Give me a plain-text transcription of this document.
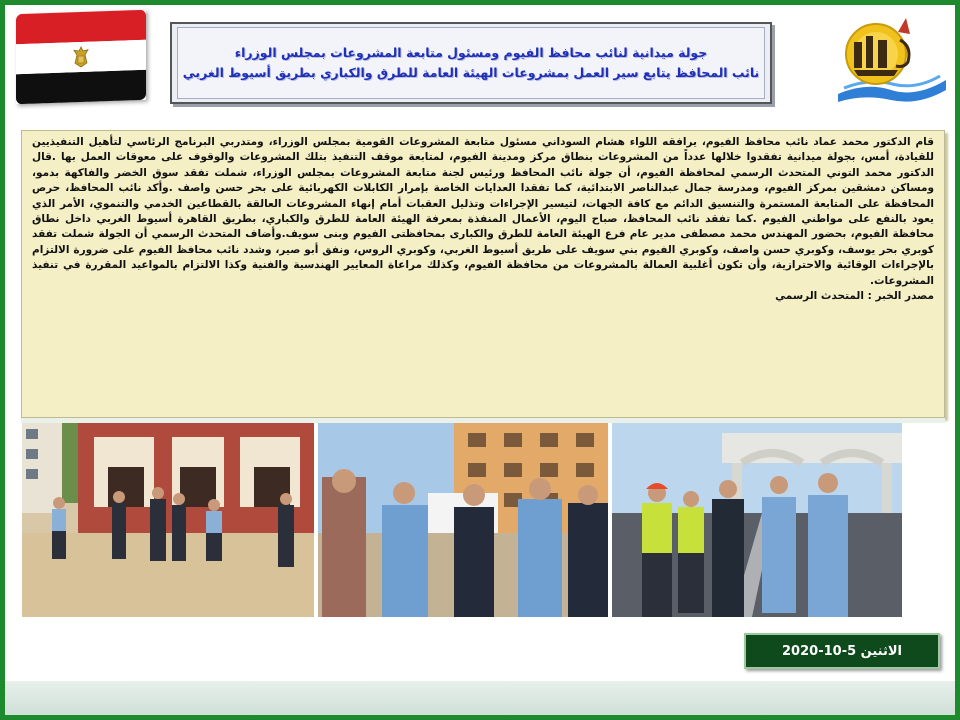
جولة ميدانية لنائب محافظ الفيوم ومسئول متابعة المشروعات بمجلس الوزراء
نائب المحافظ يتابع سير العمل بمشروعات الهيئة العامة للطرق والكباري بطريق أسيوط الغربي

قام الدكتور محمد عماد نائب محافظ الفيوم، يرافقه اللواء هشام السوداني مسئول متابعة المشروعات القومية بمجلس الوزراء، ومتدربي البرنامج الرئاسي لتأهيل التنفيذيين للقيادة، أمس، بجولة ميدانية تفقدوا خلالها عدداً من المشروعات بنطاق مركز ومدينة الفيوم، لمتابعة موقف التنفيذ بتلك المشروعات والوقوف على معوقات العمل بها .قال الدكتور محمد التوني المتحدث الرسمي لمحافظة الفيوم، أن جولة نائب المحافظ ورئيس لجنة متابعة المشروعات بمجلس الوزراء، شملت تفقد سوق الخضر والفاكهة بدمو، ومساكن دمشقين بمركز الفيوم، ومدرسة جمال عبدالناصر الابتدائية، كما تفقدا العدايات الخاصة بإمرار الكابلات الكهربائية على بحر حسن واصف .وأكد نائب المحافظ، حرص المحافظة على المتابعة المستمرة والتنسيق الدائم مع كافة الجهات، لتيسير الإجراءات وتذليل العقبات أمام إنهاء المشروعات العالقة بالقطاعين الخدمي والتنموي، الأمر الذي يعود بالنفع على مواطني الفيوم .كما تفقد نائب المحافظ، صباح اليوم، الأعمال المنفذة بمعرفة الهيئة العامة للطرق والكباري، بطريق القاهرة أسيوط الغربي داخل نطاق محافظة الفيوم، بحضور المهندس محمد مصطفى مدير عام فرع الهيئة العامة للطرق والكبارى بمحافظتى الفيوم وبنى سويف.وأضاف المتحدث الرسمي أن الجولة شملت تفقد كوبري بحر يوسف، وكوبري حسن واصف، وكوبري الفيوم بني سويف على طريق أسيوط الغربي، وكوبري الروس، ونفق أبو صير، وشدد نائب محافظ الفيوم على ضرورة الالتزام بالإجراءات الوقائية والاحترازية، وأن تكون أغلبية العمالة بالمشروعات من محافظة الفيوم، وكذلك مراعاة المعايير الهندسية والفنية وكذا الالتزام بالمواعيد المقررة في تنفيذ المشروعات.

مصدر الخبر : المتحدث الرسمي

الاثنين 5-10-2020
